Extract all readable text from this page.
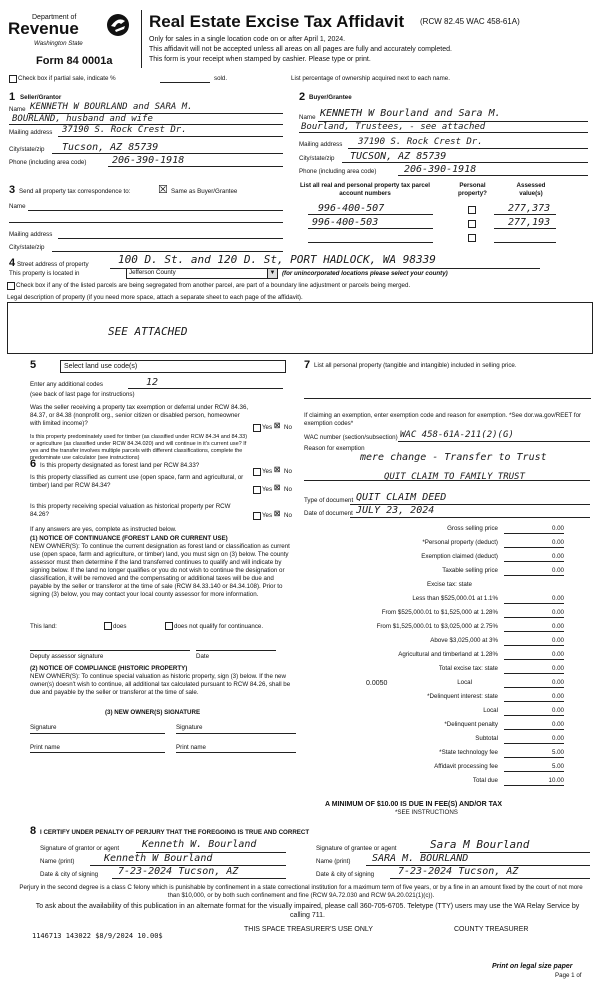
Department of
Revenue
Washington State
Form 84 0001a
Real Estate Excise Tax Affidavit (RCW 82.45 WAC 458-61A)
Only for sales in a single location code on or after April 1, 2024.
This affidavit will not be accepted unless all areas on all pages are fully and accurately completed.
This form is your receipt when stamped by cashier. Please type or print.
Check box if partial sale, indicate %	sold.	List percentage of ownership acquired next to each name.
1 Seller/Grantor
Name KENNETH W BOURLAND and SARA M.
BOURLAND, husband and wife
Mailing address 37190 S. Rock Crest Dr.
City/state/zip Tucson, AZ 85739
Phone (including area code)	206-390-1918
2 Buyer/Grantee
Name KENNETH W Bourland and Sara M.
Bourland, Trustees, - see attached
Mailing address 37190 S. Rock Crest Dr.
City/state/zip TUCSON, AZ 85739
Phone (including area code)	206-390-1918
3 Send all property tax correspondence to:	☒ Same as Buyer/Grantee
Name
Mailing address
City/state/zip
List all real and personal property tax parcel account numbers
Personal property?
Assessed value(s)
996-400-507	277,373
996-400-503	277,193
4 Street address of property	100 D. St. and 120 D. St, PORT HADLOCK, WA 98339
This property is located in	Jefferson County	▼ (for unincorporated locations please select your county)
Check box if any of the listed parcels are being segregated from another parcel, are part of a boundary line adjustment or parcels being merged.
Legal description of property (if you need more space, attach a separate sheet to each page of the affidavit).
SEE ATTACHED
5	Select land use code(s)
Enter any additional codes	12
(see back of last page for instructions)
Was the seller receiving a property tax exemption or deferral under RCW 84.36, 84.37, or 84.38 (nonprofit org., senior citizen or disabled person, homeowner with limited income)?
Yes ☒ No
Is this property predominately used for timber (as classified under RCW 84.34 and 84.33) or agriculture (as classified under RCW 84.34.020) and will continue in it's current use? If yes and the transfer involves multiple parcels with different classifications, complete the predominate use calculator (see instructions)
Yes ☒ No
6 Is this property designated as forest land per RCW 84.33?
Is this property classified as current use (open space, farm and agricultural, or timber) land per RCW 84.34?
Yes ☒ No
Is this property receiving special valuation as historical property per RCW 84.26?	Yes ☒ No
If any answers are yes, complete as instructed below.
(1) NOTICE OF CONTINUANCE (FOREST LAND OR CURRENT USE)
NEW OWNER(S): To continue the current designation as forest land or classification as current use (open space, farm and agriculture, or timber) land, you must sign on (3) below. The county assessor must then determine if the land transferred continues to qualify and will indicate by signing below. If the land no longer qualifies or you do not wish to continue the designation or classification, it will be removed and the compensating or additional taxes will be due and payable by the seller or transferor at the time of sale (RCW 84.33.140 or 84.34.108). Prior to signing (3) below, you may contact your local county assessor for more information.
This land:	does	does not qualify for continuance.
Deputy assessor signature	Date
(2) NOTICE OF COMPLIANCE (HISTORIC PROPERTY)
NEW OWNER(S): To continue special valuation as historic property, sign (3) below. If the new owner(s) doesn't wish to continue, all additional tax calculated pursuant to RCW 84.26, shall be due and payable by the seller or transferor at the time of sale.
(3) NEW OWNER(S) SIGNATURE
Signature	Signature
Print name	Print name
7 List all personal property (tangible and intangible) included in selling price.
If claiming an exemption, enter exemption code and reason for exemption. *See dor.wa.gov/REET for exemption codes*
WAC number (section/subsection) WAC 458-61A-211(2)(G)
Reason for exemption
mere change - Transfer to Trust
QUIT CLAIM TO FAMILY TRUST
Type of document QUIT CLAIM DEED
Date of document JULY 23, 2024
Gross selling price	0.00
*Personal property (deduct)	0.00
Exemption claimed (deduct)	0.00
Taxable selling price	0.00
Excise tax: state
Less than $525,000.01 at 1.1%	0.00
From $525,000.01 to $1,525,000 at 1.28%	0.00
From $1,525,000.01 to $3,025,000 at 2.75%	0.00
Above $3,025,000 at 3%	0.00
Agricultural and timberland at 1.28%	0.00
Total excise tax: state	0.00
0.0050	Local	0.00
*Delinquent interest: state	0.00
Local	0.00
*Delinquent penalty	0.00
Subtotal	0.00
*State technology fee	5.00
Affidavit processing fee	5.00
Total due	10.00
A MINIMUM OF $10.00 IS DUE IN FEE(S) AND/OR TAX
*SEE INSTRUCTIONS
8 I CERTIFY UNDER PENALTY OF PERJURY THAT THE FOREGOING IS TRUE AND CORRECT
Signature of grantor or agent Kenneth W. Bourland
Name (print)	Kenneth W Bourland
Date & city of signing 7-23-2024 Tucson, AZ
Signature of grantee or agent	Sara M Bourland
Name (print) SARA M. BOURLAND
Date & city of signing 7-23-2024 Tucson, AZ
Perjury in the second degree is a class C felony which is punishable by confinement in a state correctional institution for a maximum term of five years, or by a fine in an amount fixed by the court of not more than $10,000, or by both such confinement and fine (RCW 9A.72.030 and RCW 9A.20.021(1)(c)).
To ask about the availability of this publication in an alternate format for the visually impaired, please call 360-705-6705. Teletype (TTY) users may use the WA Relay Service by calling 711.
1146713 143022 $8/9/2024 10.00$
THIS SPACE TREASURER'S USE ONLY	COUNTY TREASURER
Print on legal size paper
Page 1 of
